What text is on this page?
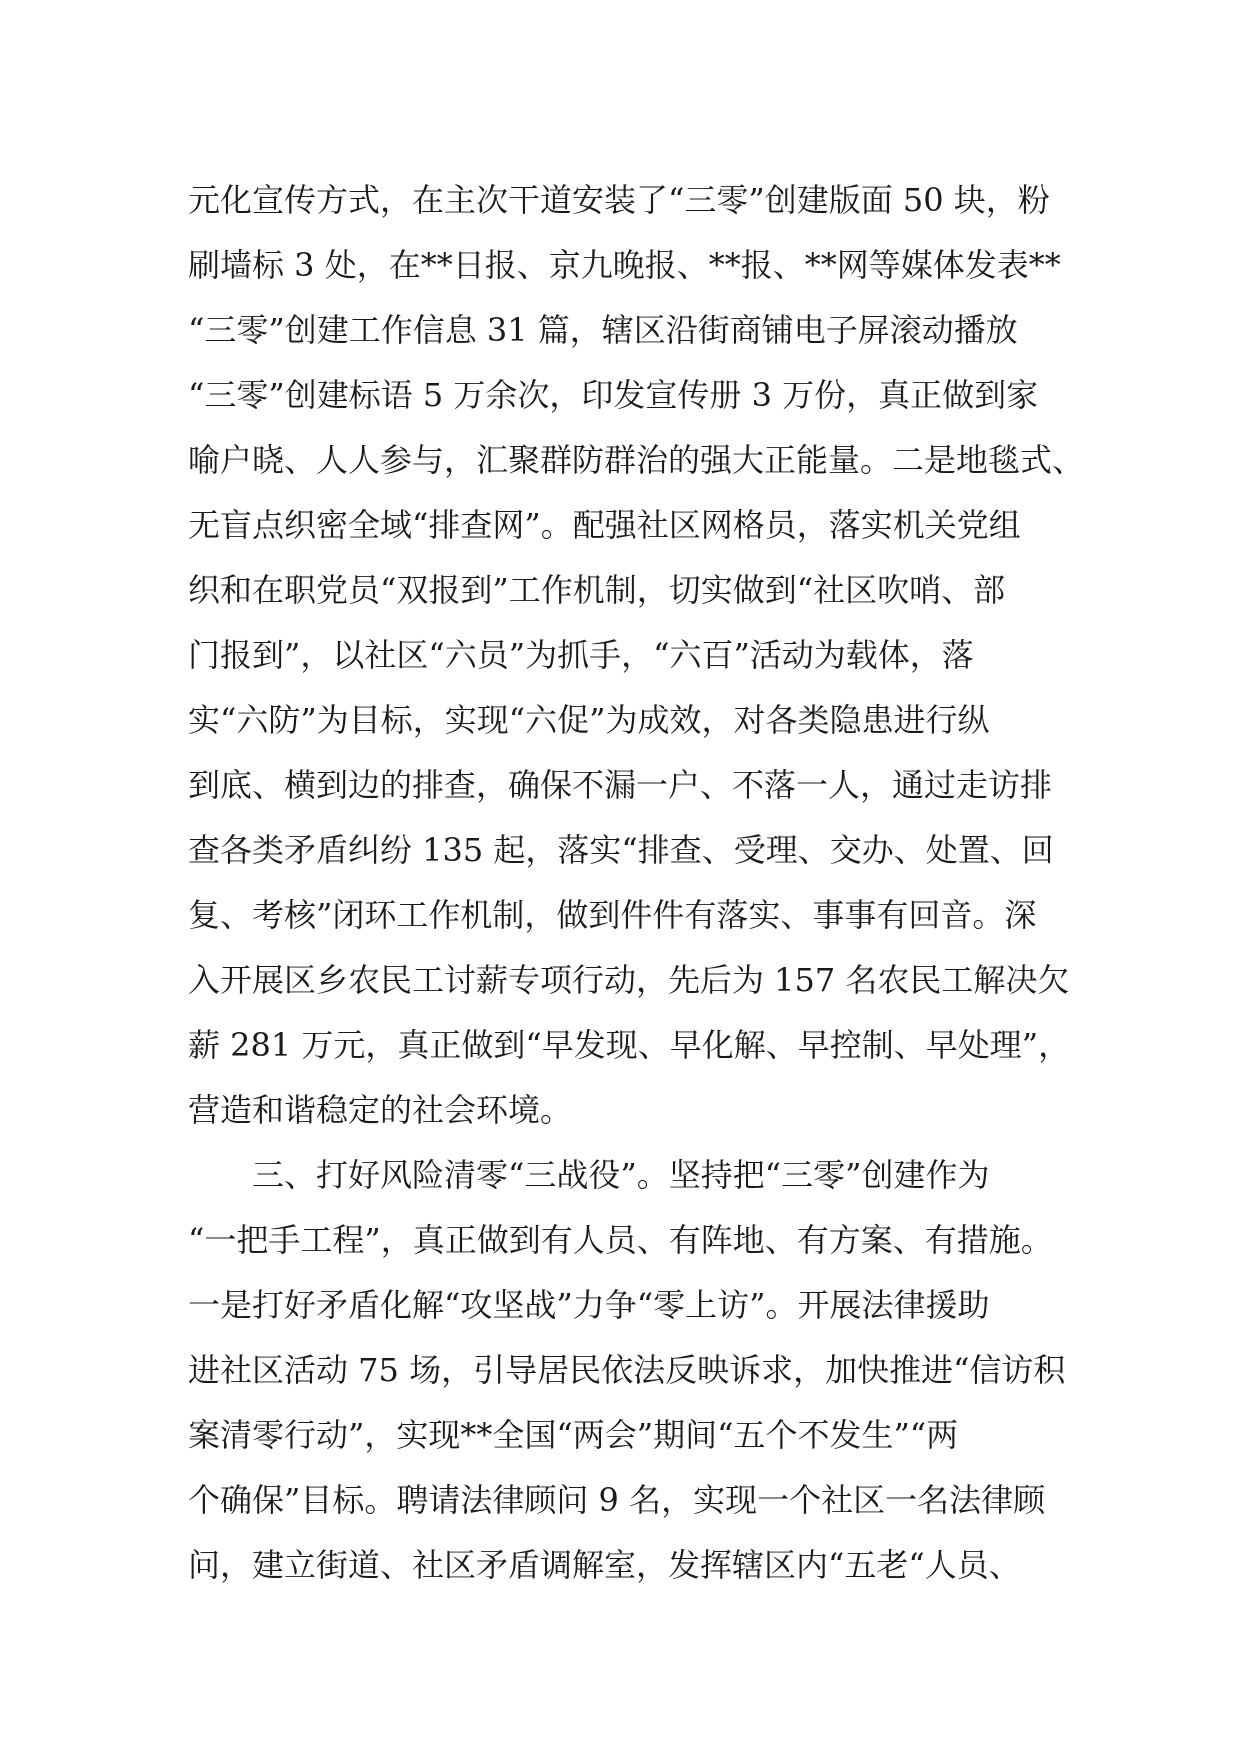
元化宣传方式，在主次干道安装了“三零”创建版面 50 块，粉
刷墙标 3 处，在**日报、京九晚报、**报、**网等媒体发表**
“三零”创建工作信息 31 篇，辖区沿街商铺电子屏滚动播放
“三零”创建标语 5 万余次，印发宣传册 3 万份，真正做到家
喻户晓、人人参与，汇聚群防群治的强大正能量。二是地毯式、
无盲点织密全域“排查网”。配强社区网格员，落实机关党组
织和在职党员“双报到”工作机制，切实做到“社区吹哨、部
门报到”，以社区“六员”为抓手，“六百”活动为载体，落
实“六防”为目标，实现“六促”为成效，对各类隐患进行纵
到底、横到边的排查，确保不漏一户、不落一人，通过走访排
查各类矛盾纠纷 135 起，落实“排查、受理、交办、处置、回
复、考核”闭环工作机制，做到件件有落实、事事有回音。深
入开展区乡农民工讨薪专项行动，先后为 157 名农民工解决欠
薪 281 万元，真正做到“早发现、早化解、早控制、早处理”，
营造和谐稳定的社会环境。
　　三、打好风险清零“三战役”。坚持把“三零”创建作为
“一把手工程”，真正做到有人员、有阵地、有方案、有措施。
一是打好矛盾化解“攻坚战”力争“零上访”。开展法律援助
进社区活动 75 场，引导居民依法反映诉求，加快推进“信访积
案清零行动”，实现**全国“两会”期间“五个不发生”“两
个确保”目标。聘请法律顾问 9 名，实现一个社区一名法律顾
问，建立街道、社区矛盾调解室，发挥辖区内“五老“人员、
